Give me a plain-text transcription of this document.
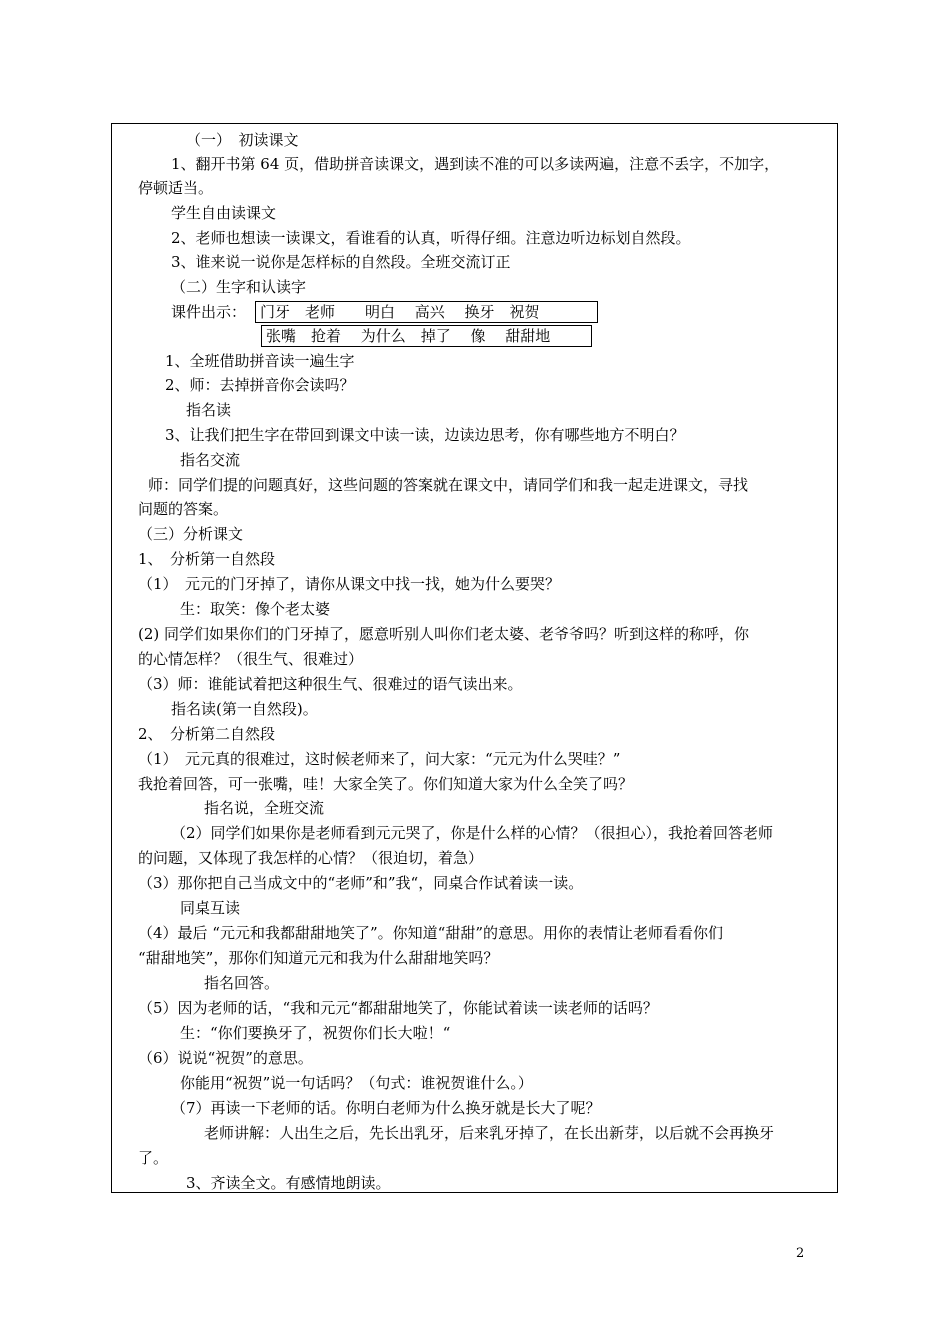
（一）　初读课文
1、翻开书第 64 页，借助拼音读课文，遇到读不准的可以多读两遍，注意不丢字，不加字，
停顿适当。
学生自由读课文
2、老师也想读一读课文，看谁看的认真，听得仔细。注意边听边标划自然段。
3、谁来说一说你是怎样标的自然段。全班交流订正
（二）生字和认读字
课件出示： 门牙　老师　　明白　 高兴 　换牙　祝贺
张嘴　抢着　 为什么　掉了　 像　 甜甜地
1、全班借助拼音读一遍生字
2、师：去掉拼音你会读吗？
指名读
3、让我们把生字在带回到课文中读一读，边读边思考，你有哪些地方不明白？
指名交流
师：同学们提的问题真好，这些问题的答案就在课文中，请同学们和我一起走进课文，寻找
问题的答案。
（三）分析课文
1、　分析第一自然段
（1）　元元的门牙掉了，请你从课文中找一找，她为什么要哭？
生：取笑：像个老太婆
(2) 同学们如果你们的门牙掉了，愿意听别人叫你们老太婆、老爷爷吗？听到这样的称呼，你
的心情怎样？（很生气、很难过）
（3）师：谁能试着把这种很生气、很难过的语气读出来。
指名读(第一自然段)。
2、　分析第二自然段
（1）　元元真的很难过，这时候老师来了，问大家：“元元为什么哭哇？”
我抢着回答，可一张嘴，哇！大家全笑了。你们知道大家为什么全笑了吗？
指名说，全班交流
（2）同学们如果你是老师看到元元哭了，你是什么样的心情？（很担心），我抢着回答老师
的问题，又体现了我怎样的心情？（很迫切，着急）
（3）那你把自己当成文中的“老师”和”我“，同桌合作试着读一读。
同桌互读
（4）最后 “元元和我都甜甜地笑了”。你知道“甜甜”的意思。用你的表情让老师看看你们
“甜甜地笑”，那你们知道元元和我为什么甜甜地笑吗？
指名回答。
（5）因为老师的话，“我和元元“都甜甜地笑了，你能试着读一读老师的话吗？
生：“你们要换牙了，祝贺你们长大啦！“
（6）说说“祝贺”的意思。
你能用“祝贺”说一句话吗？（句式：谁祝贺谁什么。）
（7）再读一下老师的话。你明白老师为什么换牙就是长大了呢？
老师讲解：人出生之后，先长出乳牙，后来乳牙掉了，在长出新芽，以后就不会再换牙
了。
3、齐读全文。有感情地朗读。
2
